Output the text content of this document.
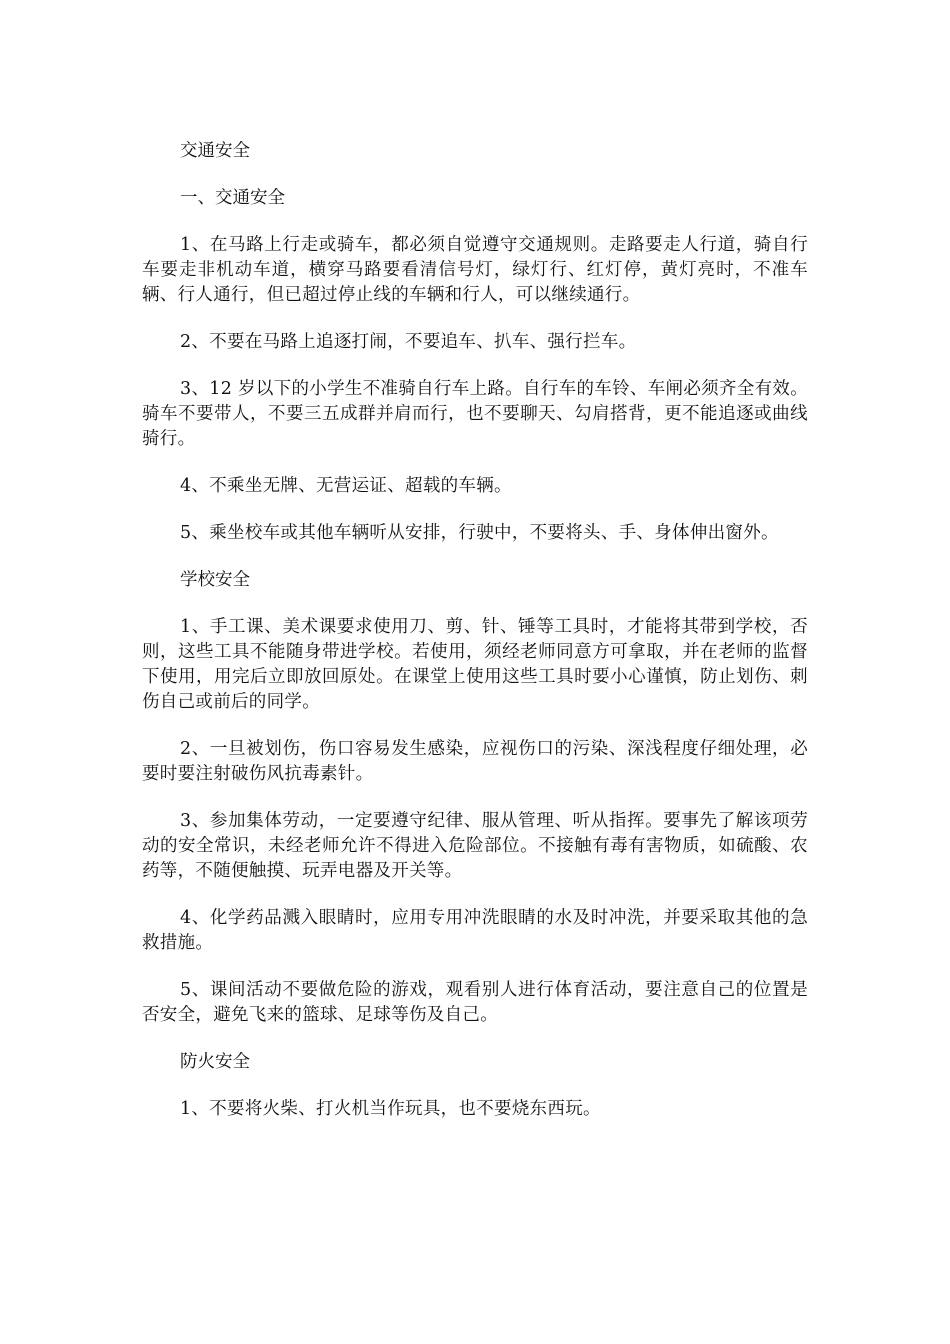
交通安全

一、交通安全

1、在马路上行走或骑车，都必须自觉遵守交通规则。走路要走人行道，骑自行车要走非机动车道，横穿马路要看清信号灯，绿灯行、红灯停，黄灯亮时，不准车辆、行人通行，但已超过停止线的车辆和行人，可以继续通行。

2、不要在马路上追逐打闹，不要追车、扒车、强行拦车。

3、12 岁以下的小学生不准骑自行车上路。自行车的车铃、车闸必须齐全有效。骑车不要带人，不要三五成群并肩而行，也不要聊天、勾肩搭背，更不能追逐或曲线骑行。

4、不乘坐无牌、无营运证、超载的车辆。

5、乘坐校车或其他车辆听从安排，行驶中，不要将头、手、身体伸出窗外。

学校安全

1、手工课、美术课要求使用刀、剪、针、锤等工具时，才能将其带到学校，否则，这些工具不能随身带进学校。若使用，须经老师同意方可拿取，并在老师的监督下使用，用完后立即放回原处。在课堂上使用这些工具时要小心谨慎，防止划伤、刺伤自己或前后的同学。

2、一旦被划伤，伤口容易发生感染，应视伤口的污染、深浅程度仔细处理，必要时要注射破伤风抗毒素针。

3、参加集体劳动，一定要遵守纪律、服从管理、听从指挥。要事先了解该项劳动的安全常识，未经老师允许不得进入危险部位。不接触有毒有害物质，如硫酸、农药等，不随便触摸、玩弄电器及开关等。

4、化学药品溅入眼睛时，应用专用冲洗眼睛的水及时冲洗，并要采取其他的急救措施。

5、课间活动不要做危险的游戏，观看别人进行体育活动，要注意自己的位置是否安全，避免飞来的篮球、足球等伤及自己。

防火安全

1、不要将火柴、打火机当作玩具，也不要烧东西玩。
